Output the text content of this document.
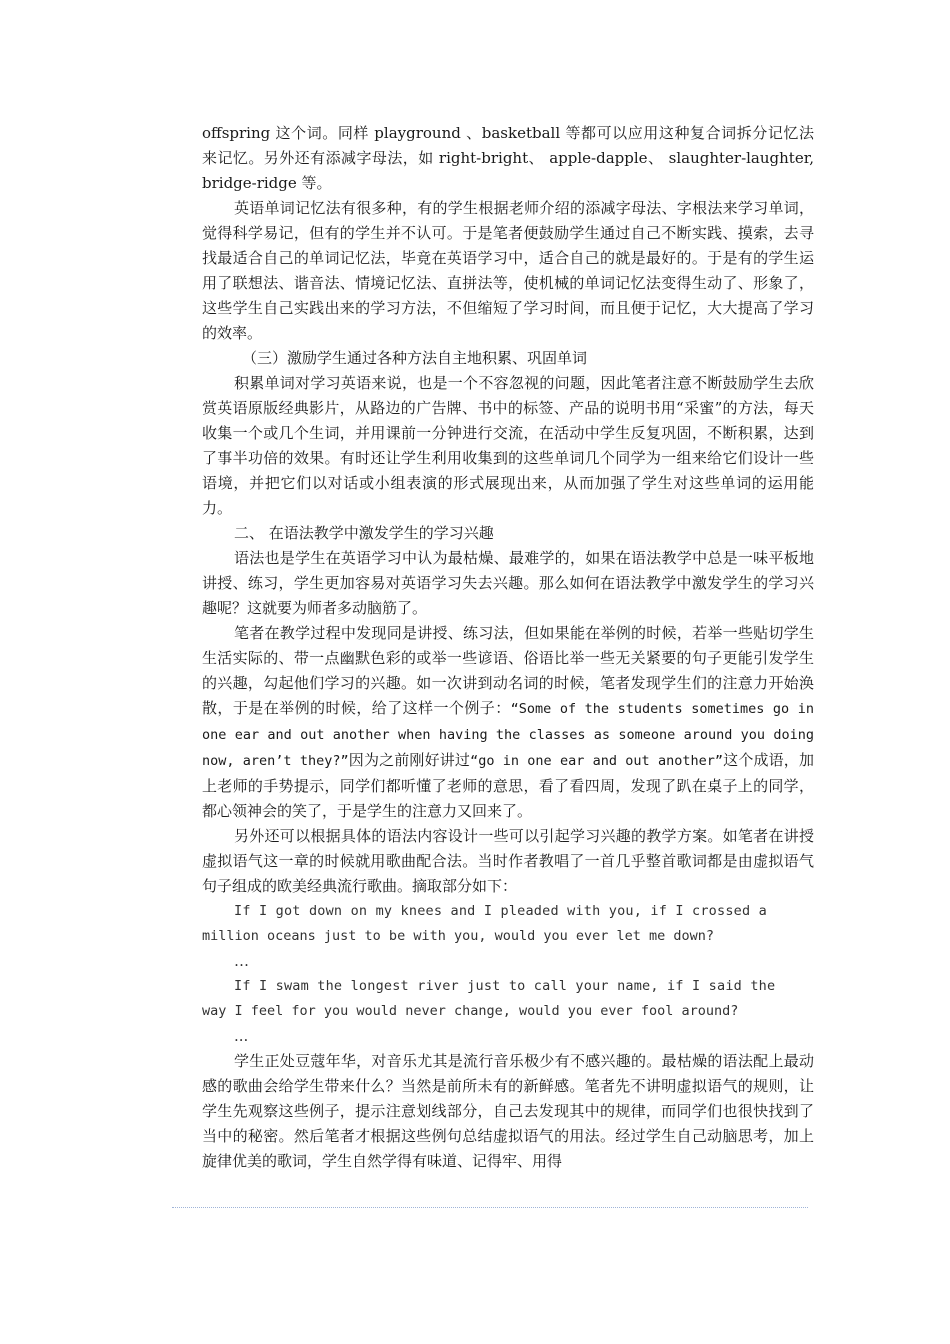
offspring 这个词。同样 playground 、basketball 等都可以应用这种复合词拆分记忆法来记忆。另外还有添减字母法，如 right-bright、 apple-dapple、 slaughter-laughter, bridge-ridge 等。

英语单词记忆法有很多种，有的学生根据老师介绍的添减字母法、字根法来学习单词，觉得科学易记，但有的学生并不认可。于是笔者便鼓励学生通过自己不断实践、摸索，去寻找最适合自己的单词记忆法，毕竟在英语学习中，适合自己的就是最好的。于是有的学生运用了联想法、谐音法、情境记忆法、直拼法等，使机械的单词记忆法变得生动了、形象了，这些学生自己实践出来的学习方法，不但缩短了学习时间，而且便于记忆，大大提高了学习的效率。

（三）激励学生通过各种方法自主地积累、巩固单词

积累单词对学习英语来说，也是一个不容忽视的问题，因此笔者注意不断鼓励学生去欣赏英语原版经典影片，从路边的广告牌、书中的标签、产品的说明书用“采蜜”的方法，每天收集一个或几个生词，并用课前一分钟进行交流，在活动中学生反复巩固，不断积累，达到了事半功倍的效果。有时还让学生利用收集到的这些单词几个同学为一组来给它们设计一些语境，并把它们以对话或小组表演的形式展现出来，从而加强了学生对这些单词的运用能力。

二、 在语法教学中激发学生的学习兴趣

语法也是学生在英语学习中认为最枯燥、最难学的，如果在语法教学中总是一味平板地讲授、练习，学生更加容易对英语学习失去兴趣。那么如何在语法教学中激发学生的学习兴趣呢？这就要为师者多动脑筋了。

笔者在教学过程中发现同是讲授、练习法，但如果能在举例的时候，若举一些贴切学生生活实际的、带一点幽默色彩的或举一些谚语、俗语比举一些无关紧要的句子更能引发学生的兴趣，勾起他们学习的兴趣。如一次讲到动名词的时候，笔者发现学生们的注意力开始涣散，于是在举例的时候，给了这样一个例子：“Some of the students sometimes go in one ear and out another when having the classes as someone around you doing now, aren’t they?”因为之前刚好讲过“go in one ear and out another”这个成语，加上老师的手势提示，同学们都听懂了老师的意思，看了看四周，发现了趴在桌子上的同学，都心领神会的笑了，于是学生的注意力又回来了。

另外还可以根据具体的语法内容设计一些可以引起学习兴趣的教学方案。如笔者在讲授虚拟语气这一章的时候就用歌曲配合法。当时作者教唱了一首几乎整首歌词都是由虚拟语气句子组成的欧美经典流行歌曲。摘取部分如下：

If I got down on my knees and I pleaded with you, if I crossed a

million oceans just to be with you, would you ever let me down?

…

If I swam the longest river just to call your name, if I said the

way I feel for you would never change, would you ever fool around?

...

学生正处豆蔻年华，对音乐尤其是流行音乐极少有不感兴趣的。最枯燥的语法配上最动感的歌曲会给学生带来什么？当然是前所未有的新鲜感。笔者先不讲明虚拟语气的规则，让学生先观察这些例子，提示注意划线部分，自己去发现其中的规律，而同学们也很快找到了当中的秘密。然后笔者才根据这些例句总结虚拟语气的用法。经过学生自己动脑思考，加上旋律优美的歌词，学生自然学得有味道、记得牢、用得
